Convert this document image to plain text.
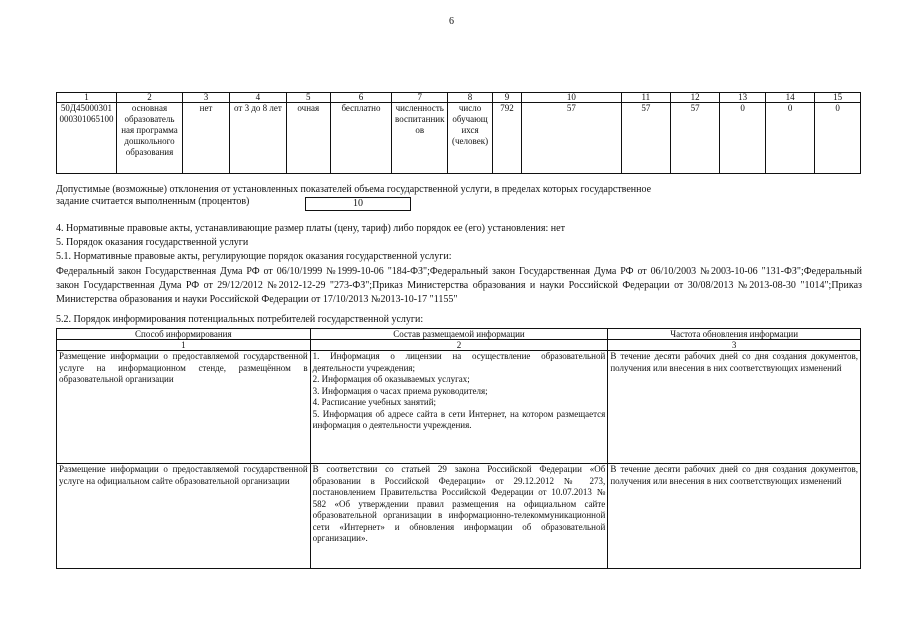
6
1	2	3	4	5	6	7	8	9	10	11	12	13	14	15
50Д45000301 000301065100	основная образователь ная программа дошкольного образования	нет	от 3 до 8 лет	очная	бесплатно	численность воспитанник ов	число обучающ ихся (человек)	792	57	57	57	0	0	0
Допустимые (возможные) отклонения от установленных показателей объема государственной услуги, в пределах которых государственное
задание считается выполненным (процентов)	10
4. Нормативные правовые акты, устанавливающие размер платы (цену, тариф) либо порядок ее (его) установления: нет
5. Порядок оказания государственной услуги
5.1. Нормативные правовые акты, регулирующие порядок оказания государственной услуги:
Федеральный закон Государственная Дума РФ от 06/10/1999 №1999-10-06 "184-ФЗ";Федеральный закон Государственная Дума РФ от 06/10/2003 №2003-10-06 "131-ФЗ";Федеральный закон Государственная Дума РФ от 29/12/2012 №2012-12-29 "273-ФЗ";Приказ Министерства образования и науки Российской Федерации от 30/08/2013 №2013-08-30 "1014";Приказ Министерства образования и науки Российской Федерации от 17/10/2013 №2013-10-17 "1155"
5.2. Порядок информирования потенциальных потребителей государственной услуги:
Способ информирования	Состав размещаемой информации	Частота обновления информации
1	2	3
Размещение информации о предоставляемой государственной услуге на информационном стенде, размещённом в образовательной организации	1. Информация о лицензии на осуществление образовательной деятельности учреждения;
2. Информация об оказываемых услугах;
3. Информация о часах приема руководителя;
4. Расписание учебных занятий;
5. Информация об адресе сайта в сети Интернет, на котором размещается информация о деятельности учреждения.	В течение десяти рабочих дней со дня создания документов, получения или внесения в них соответствующих изменений
Размещение информации о предоставляемой государственной услуге на официальном сайте образовательной организации	В соответствии со статьей 29 закона Российской Федерации «Об образовании в Российской Федерации» от 29.12.2012 № 273, постановлением Правительства Российской Федерации от 10.07.2013 № 582 «Об утверждении правил размещения на официальном сайте образовательной организации в информационно-телекоммуникационной сети «Интернет» и обновления информации об образовательной организации».	В течение десяти рабочих дней со дня создания документов, получения или внесения в них соответствующих изменений
